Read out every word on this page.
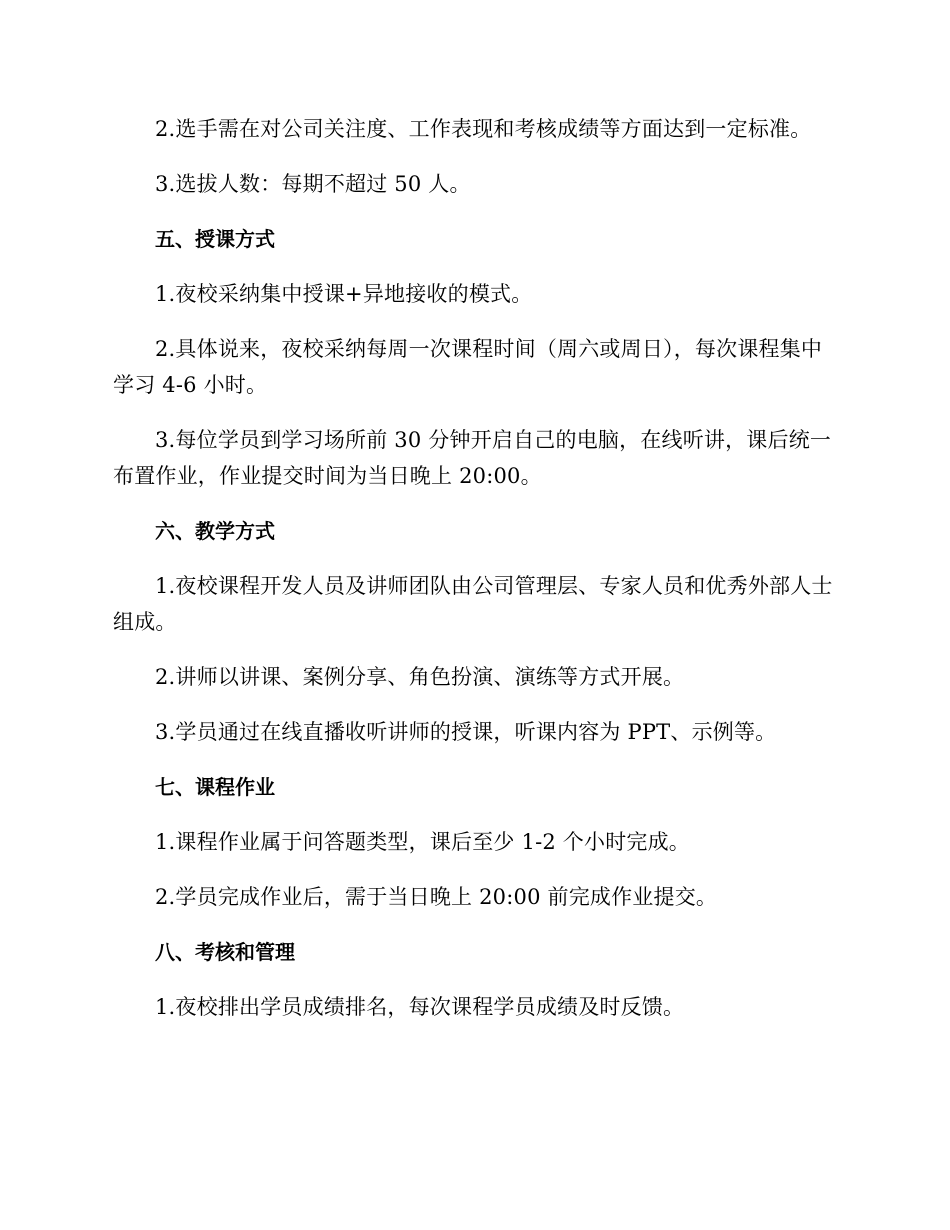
2.选手需在对公司关注度、工作表现和考核成绩等方面达到一定标准。

3.选拔人数：每期不超过 50 人。

五、授课方式

1.夜校采纳集中授课+异地接收的模式。

2.具体说来，夜校采纳每周一次课程时间（周六或周日），每次课程集中学习 4-6 小时。

3.每位学员到学习场所前 30 分钟开启自己的电脑，在线听讲，课后统一布置作业，作业提交时间为当日晚上 20:00。

六、教学方式

1.夜校课程开发人员及讲师团队由公司管理层、专家人员和优秀外部人士组成。

2.讲师以讲课、案例分享、角色扮演、演练等方式开展。

3.学员通过在线直播收听讲师的授课，听课内容为 PPT、示例等。

七、课程作业

1.课程作业属于问答题类型，课后至少 1-2 个小时完成。

2.学员完成作业后，需于当日晚上 20:00 前完成作业提交。

八、考核和管理

1.夜校排出学员成绩排名，每次课程学员成绩及时反馈。
